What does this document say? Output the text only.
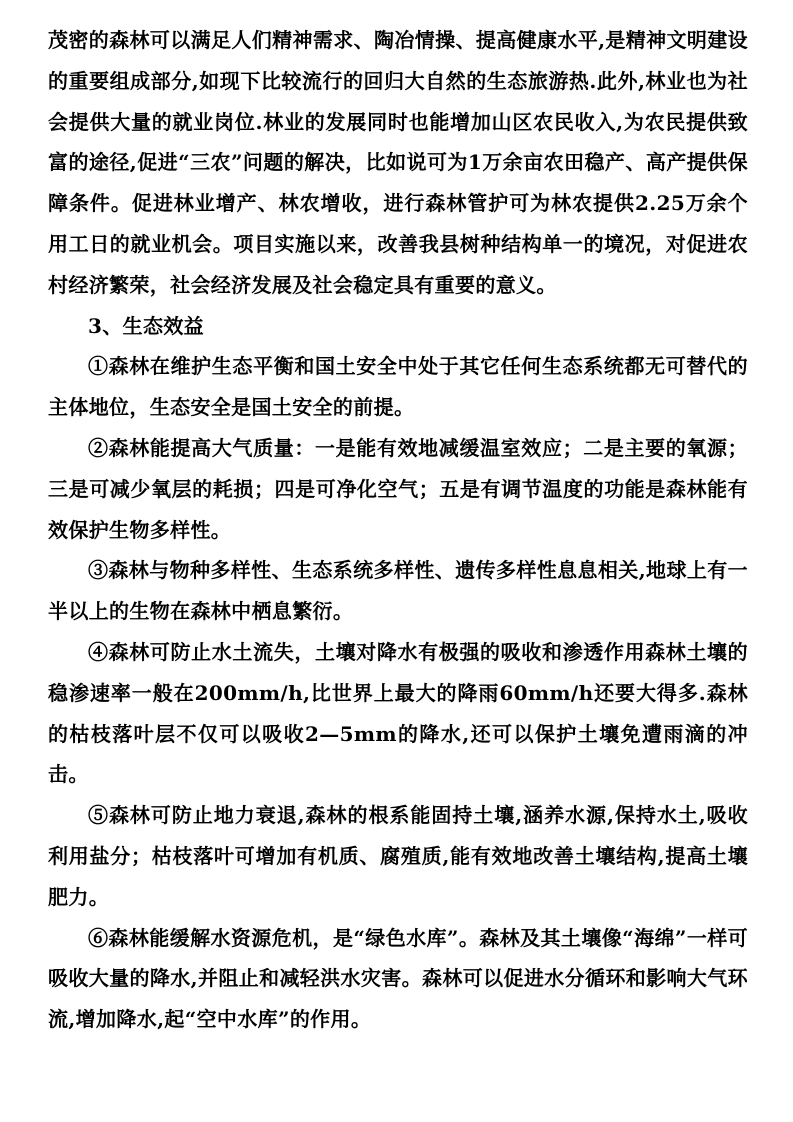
茂密的森林可以满足人们精神需求、陶冶情操、提高健康水平,是精神文明建设的重要组成部分,如现下比较流行的回归大自然的生态旅游热.此外,林业也为社会提供大量的就业岗位.林业的发展同时也能增加山区农民收入,为农民提供致富的途径,促进“三农”问题的解决，比如说可为1万余亩农田稳产、高产提供保障条件。促进林业增产、林农增收，进行森林管护可为林农提供2.25万余个用工日的就业机会。项目实施以来，改善我县树种结构单一的境况，对促进农村经济繁荣，社会经济发展及社会稳定具有重要的意义。

3、生态效益

①森林在维护生态平衡和国土安全中处于其它任何生态系统都无可替代的主体地位，生态安全是国土安全的前提。

②森林能提高大气质量：一是能有效地减缓温室效应；二是主要的氧源；三是可减少氧层的耗损；四是可净化空气；五是有调节温度的功能是森林能有效保护生物多样性。

③森林与物种多样性、生态系统多样性、遗传多样性息息相关,地球上有一半以上的生物在森林中栖息繁衍。

④森林可防止水土流失，土壤对降水有极强的吸收和渗透作用森林土壤的稳渗速率一般在200mm/h,比世界上最大的降雨60mm/h还要大得多.森林的枯枝落叶层不仅可以吸收2—5mm的降水,还可以保护土壤免遭雨滴的冲击。

⑤森林可防止地力衰退,森林的根系能固持土壤,涵养水源,保持水土,吸收利用盐分；枯枝落叶可增加有机质、腐殖质,能有效地改善土壤结构,提高土壤肥力。

⑥森林能缓解水资源危机，是“绿色水库”。森林及其土壤像“海绵”一样可吸收大量的降水,并阻止和减轻洪水灾害。森林可以促进水分循环和影响大气环流,增加降水,起“空中水库”的作用。
